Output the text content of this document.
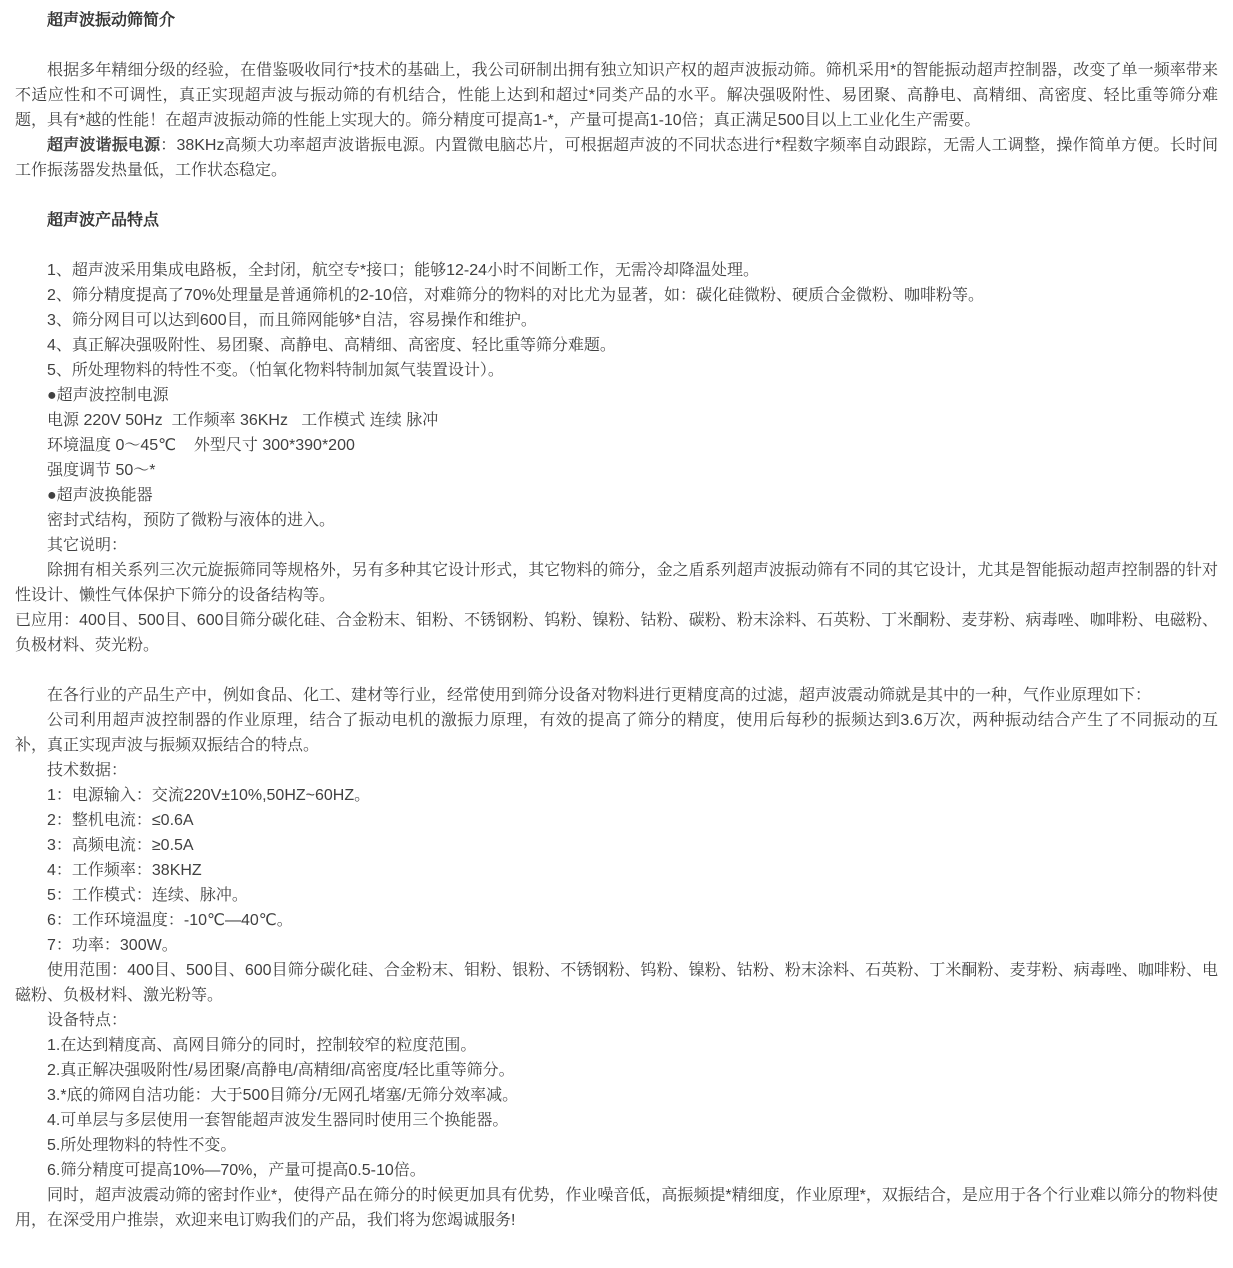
超声波振动筛简介

根据多年精细分级的经验，在借鉴吸收同行*技术的基础上，我公司研制出拥有独立知识产权的超声波振动筛。筛机采用*的智能振动超声控制器，改变了单一频率带来不适应性和不可调性，真正实现超声波与振动筛的有机结合，性能上达到和超过*同类产品的水平。解决强吸附性、易团聚、高静电、高精细、高密度、轻比重等筛分难题，具有*越的性能！在超声波振动筛的性能上实现大的。筛分精度可提高1-*，产量可提高1-10倍；真正满足500目以上工业化生产需要。

超声波谐振电源：38KHz高频大功率超声波谐振电源。内置微电脑芯片，可根据超声波的不同状态进行*程数字频率自动跟踪，无需人工调整，操作简单方便。长时间工作振荡器发热量低，工作状态稳定。

超声波产品特点

1、超声波采用集成电路板，全封闭，航空专*接口；能够12-24小时不间断工作，无需冷却降温处理。

2、筛分精度提高了70%处理量是普通筛机的2-10倍，对难筛分的物料的对比尤为显著，如：碳化硅微粉、硬质合金微粉、咖啡粉等。

3、筛分网目可以达到600目，而且筛网能够*自洁，容易操作和维护。

4、真正解决强吸附性、易团聚、高静电、高精细、高密度、轻比重等筛分难题。

5、所处理物料的特性不变。（怕氧化物料特制加氮气装置设计）。

●超声波控制电源

电源 220V 50Hz  工作频率 36KHz   工作模式 连续 脉冲

环境温度 0～45℃    外型尺寸 300*390*200

强度调节 50～*

●超声波换能器

密封式结构，预防了微粉与液体的进入。

其它说明：

除拥有相关系列三次元旋振筛同等规格外，另有多种其它设计形式，其它物料的筛分，金之盾系列超声波振动筛有不同的其它设计，尤其是智能振动超声控制器的针对性设计、懒性气体保护下筛分的设备结构等。

已应用：400目、500目、600目筛分碳化硅、合金粉末、钼粉、不锈钢粉、钨粉、镍粉、钴粉、碳粉、粉末涂料、石英粉、丁米酮粉、麦芽粉、病毒唑、咖啡粉、电磁粉、负极材料、荧光粉。

在各行业的产品生产中，例如食品、化工、建材等行业，经常使用到筛分设备对物料进行更精度高的过滤，超声波震动筛就是其中的一种，气作业原理如下：

公司利用超声波控制器的作业原理，结合了振动电机的激振力原理，有效的提高了筛分的精度，使用后每秒的振频达到3.6万次，两种振动结合产生了不同振动的互补，真正实现声波与振频双振结合的特点。

技术数据：

1：电源输入：交流220V±10%,50HZ~60HZ。

2：整机电流：≤0.6A

3：高频电流：≥0.5A

4：工作频率：38KHZ

5：工作模式：连续、脉冲。

6：工作环境温度：-10℃—40℃。

7：功率：300W。

使用范围：400目、500目、600目筛分碳化硅、合金粉末、钼粉、银粉、不锈钢粉、钨粉、镍粉、钴粉、粉末涂料、石英粉、丁米酮粉、麦芽粉、病毒唑、咖啡粉、电磁粉、负极材料、激光粉等。

设备特点：

1.在达到精度高、高网目筛分的同时，控制较窄的粒度范围。

2.真正解决强吸附性/易团聚/高静电/高精细/高密度/轻比重等筛分。

3.*底的筛网自洁功能：大于500目筛分/无网孔堵塞/无筛分效率减。

4.可单层与多层使用一套智能超声波发生器同时使用三个换能器。

5.所处理物料的特性不变。

6.筛分精度可提高10%—70%，产量可提高0.5-10倍。

同时，超声波震动筛的密封作业*，使得产品在筛分的时候更加具有优势，作业噪音低，高振频提*精细度，作业原理*，双振结合，是应用于各个行业难以筛分的物料使用，在深受用户推崇，欢迎来电订购我们的产品，我们将为您竭诚服务!
